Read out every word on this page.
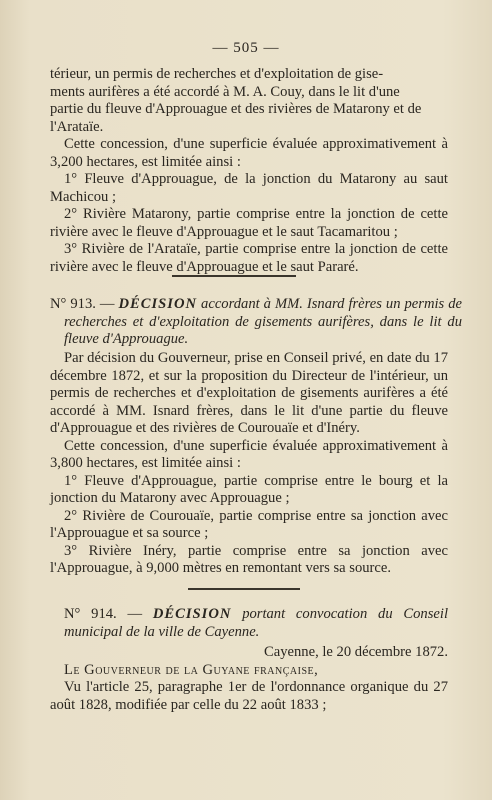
— 505 —

térieur, un permis de recherches et d'exploitation de gise-

ments aurifères a été accordé à M. A. Couy, dans le lit d'une

partie du fleuve d'Approuague et des rivières de Matarony et de

l'Arataïe.

Cette concession, d'une superficie évaluée approximativement à 3,200 hectares, est limitée ainsi :

1° Fleuve d'Approuague, de la jonction du Matarony au saut Machicou ;

2° Rivière Matarony, partie comprise entre la jonction de cette rivière avec le fleuve d'Approuague et le saut Tacamaritou ;

3° Rivière de l'Arataïe, partie comprise entre la jonction de cette rivière avec le fleuve d'Approuague et le saut Pararé.

N° 913. — DÉCISION accordant à MM. Isnard frères un permis de recherches et d'exploitation de gisements aurifères, dans le lit du fleuve d'Approuague.

Par décision du Gouverneur, prise en Conseil privé, en date du 17 décembre 1872, et sur la proposition du Directeur de l'intérieur, un permis de recherches et d'exploitation de gisements aurifères a été accordé à MM. Isnard frères, dans le lit d'une partie du fleuve d'Approuague et des rivières de Courouaïe et d'Inéry.

Cette concession, d'une superficie évaluée approximativement à 3,800 hectares, est limitée ainsi :

1° Fleuve d'Approuague, partie comprise entre le bourg et la jonction du Matarony avec Approuague ;

2° Rivière de Courouaïe, partie comprise entre sa jonction avec l'Approuague et sa source ;

3° Rivière Inéry, partie comprise entre sa jonction avec l'Approuague, à 9,000 mètres en remontant vers sa source.

N° 914. — DÉCISION portant convocation du Conseil municipal de la ville de Cayenne.

Cayenne, le 20 décembre 1872.

Le Gouverneur de la Guyane française,

Vu l'article 25, paragraphe 1er de l'ordonnance organique du 27 août 1828, modifiée par celle du 22 août 1833 ;
